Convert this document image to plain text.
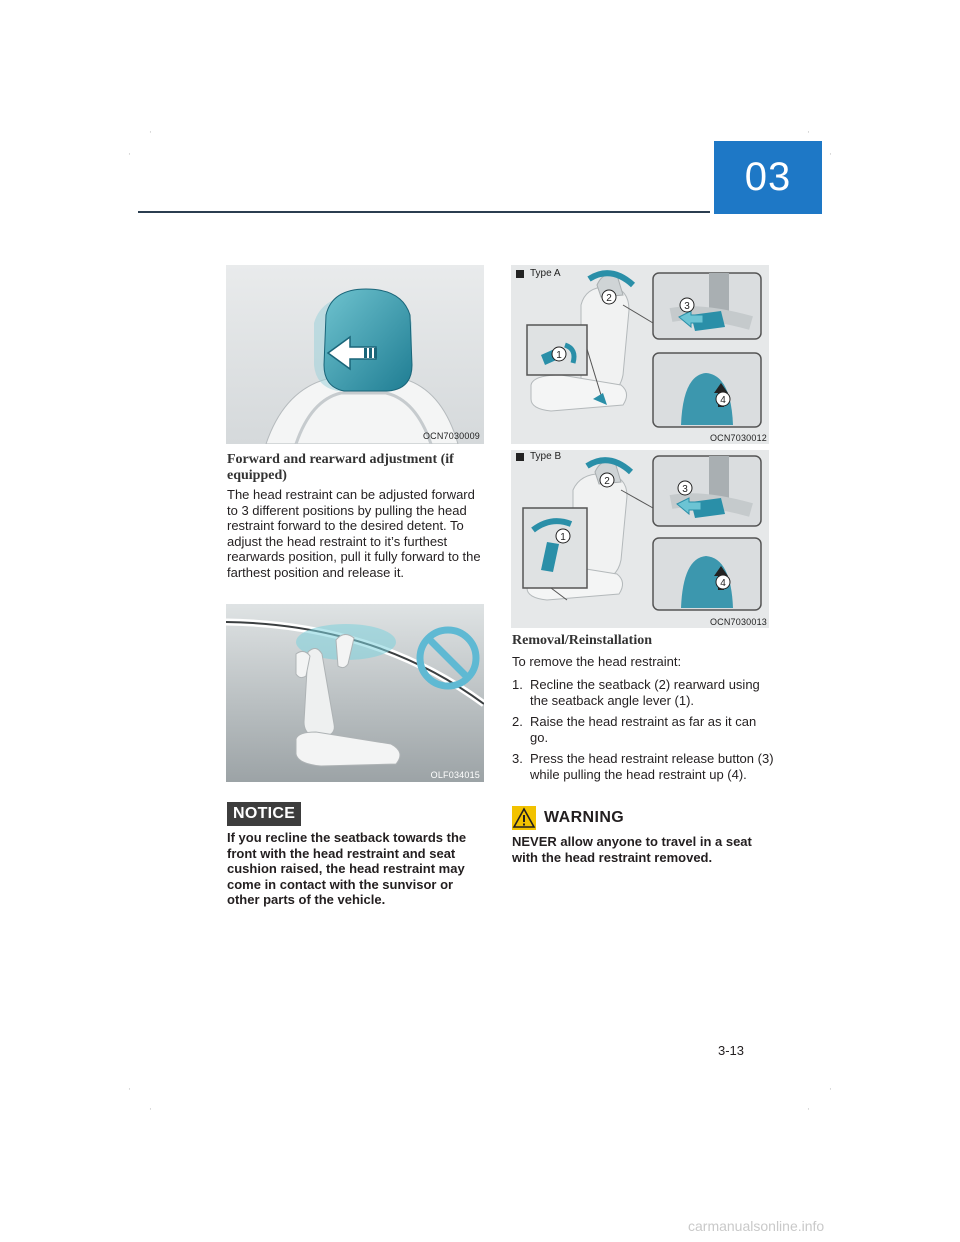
·	·
·	·
·	·
·	·
03
OCN7030009
Forward and rearward adjustment (if equipped)
The head restraint can be adjusted forward to 3 different positions by pulling the head restraint forward to the desired detent. To adjust the head restraint to it’s furthest rearwards position, pull it fully forward to the farthest position and release it.
OLF034015
NOTICE
If you recline the seatback towards the front with the head restraint and seat cushion raised, the head restraint may come in contact with the sunvisor or other parts of the vehicle.
1
2
3
4
OCN7030012
Type A
1
2
3
4
OCN7030013
Type B
Removal/Reinstallation
To remove the head restraint:
1. Recline the seatback (2) rearward using the seatback angle lever (1).
2. Raise the head restraint as far as it can go.
3. Press the head restraint release button (3) while pulling the head restraint up (4).
WARNING
NEVER allow anyone to travel in a seat with the head restraint removed.
3-13
carmanualsonline.info
